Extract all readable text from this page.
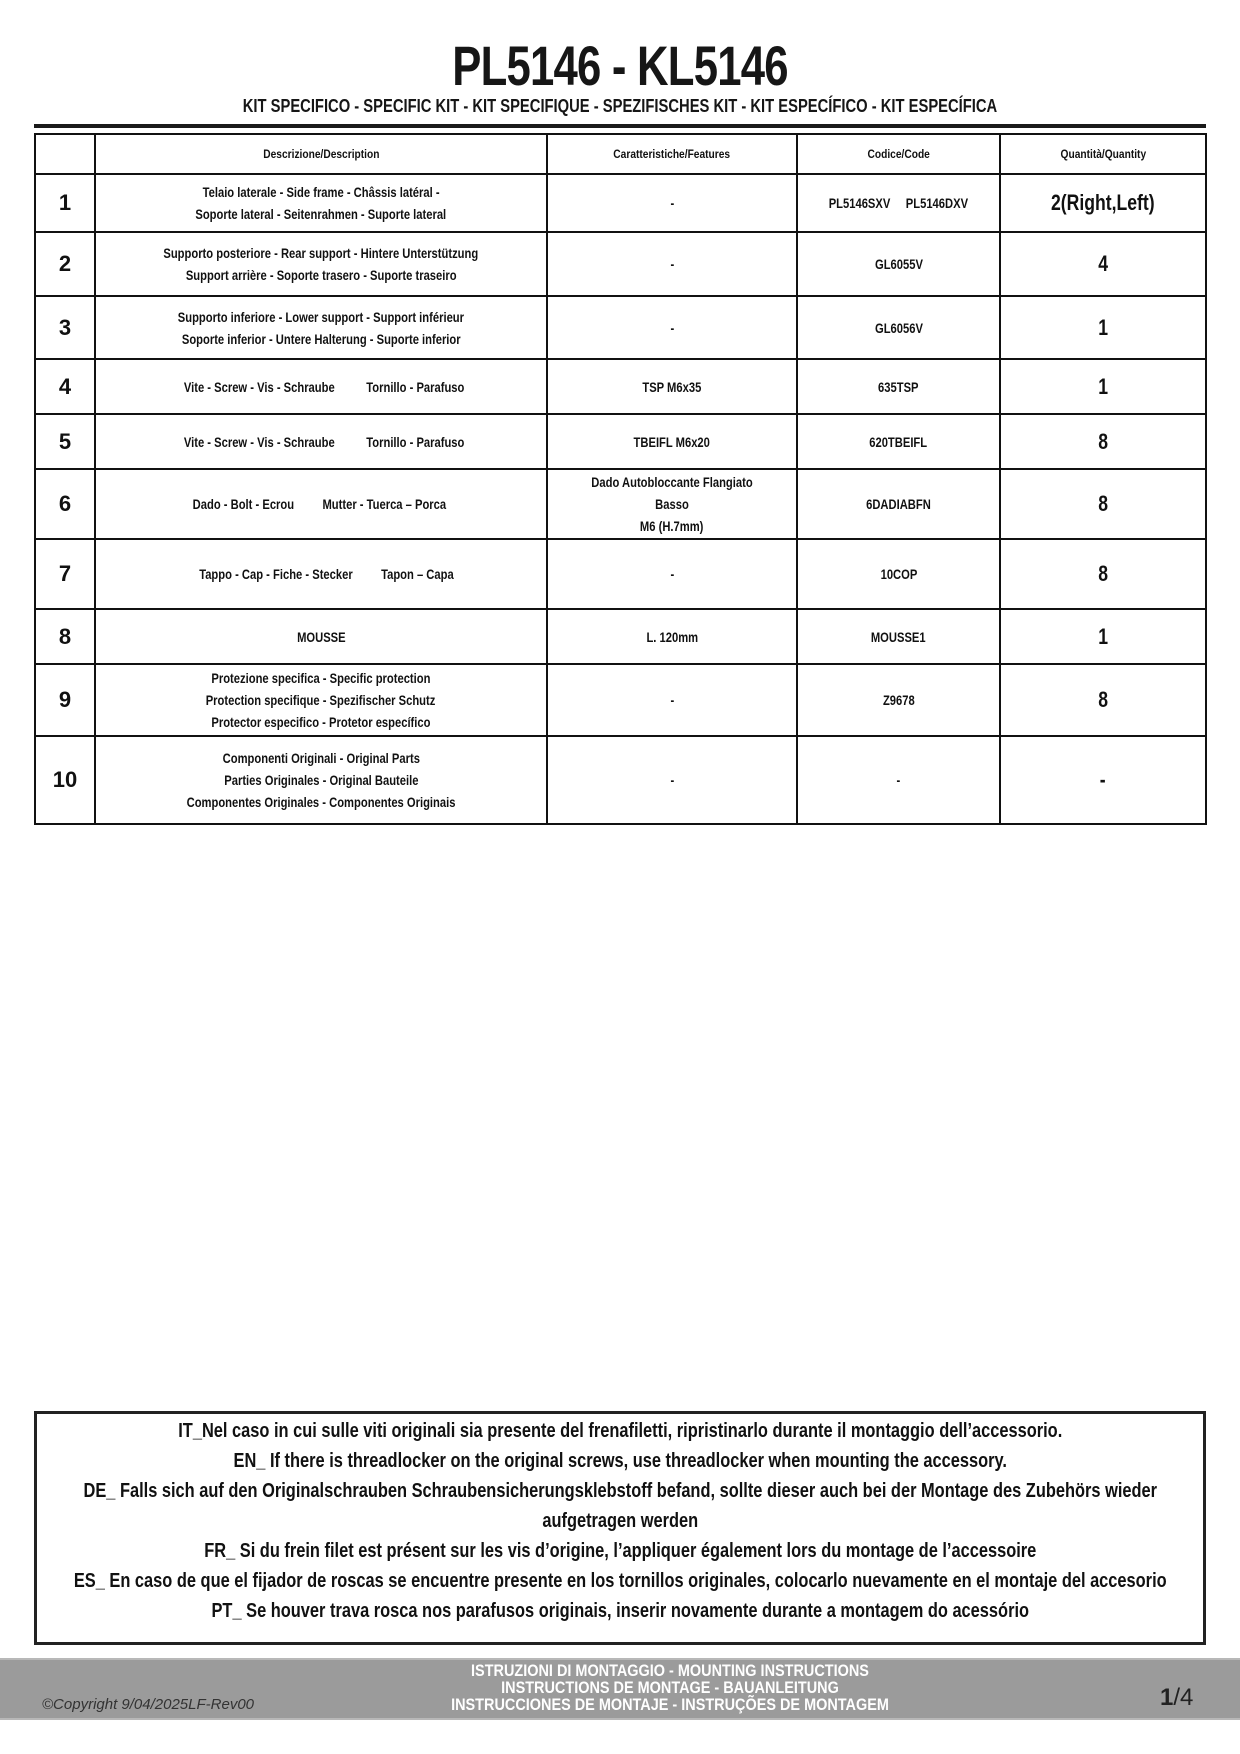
PL5146 - KL5146
KIT SPECIFICO - SPECIFIC KIT - KIT SPECIFIQUE - SPEZIFISCHES KIT - KIT ESPECÍFICO - KIT ESPECÍFICA
	Descrizione/Description	Caratteristiche/Features	Codice/Code	Quantità/Quantity
1	Telaio laterale - Side frame - Châssis latéral -Soporte lateral - Seitenrahmen - Suporte lateral	-	PL5146SXV PL5146DXV	2(Right,Left)
2	Supporto posteriore - Rear support - Hintere UnterstützungSupport arrière - Soporte trasero - Suporte traseiro	-	GL6055V	4
3	Supporto inferiore - Lower support - Support inférieurSoporte inferior - Untere Halterung - Suporte inferior	-	GL6056V	1
4	Vite - Screw - Vis - Schraube Tornillo - Parafuso	TSP M6x35	635TSP	1
5	Vite - Screw - Vis - Schraube Tornillo - Parafuso	TBEIFL M6x20	620TBEIFL	8
6	Dado - Bolt - Ecrou Mutter - Tuerca – Porca	Dado Autobloccante Flangiato BassoM6 (H.7mm)	6DADIABFN	8
7	Tappo - Cap - Fiche - Stecker Tapon – Capa	-	10COP	8
8	MOUSSE	L. 120mm	MOUSSE1	1
9	Protezione specifica - Specific protectionProtection specifique - Spezifischer SchutzProtector especifico - Protetor específico	-	Z9678	8
10	Componenti Originali - Original PartsParties Originales - Original BauteileComponentes Originales - Componentes Originais	-	-	-

IT_Nel caso in cui sulle viti originali sia presente del frenafiletti, ripristinarlo durante il montaggio dell’accessorio.

EN_ If there is threadlocker on the original screws, use threadlocker when mounting the accessory.

DE_ Falls sich auf den Originalschrauben Schraubensicherungsklebstoff befand, sollte dieser auch bei der Montage des Zubehörs wieder aufgetragen werden

FR_ Si du frein filet est présent sur les vis d’origine, l’appliquer également lors du montage de l’accessoire

ES_ En caso de que el fijador de roscas se encuentre presente en los tornillos originales, colocarlo nuevamente en el montaje del accesorio

PT_ Se houver trava rosca nos parafusos originais, inserir novamente durante a montagem do acessório

©Copyright 9/04/2025LF-Rev00
ISTRUZIONI DI MONTAGGIO - MOUNTING INSTRUCTIONS
INSTRUCTIONS DE MONTAGE - BAUANLEITUNG
INSTRUCCIONES DE MONTAJE - INSTRUÇÕES DE MONTAGEM	1/4
